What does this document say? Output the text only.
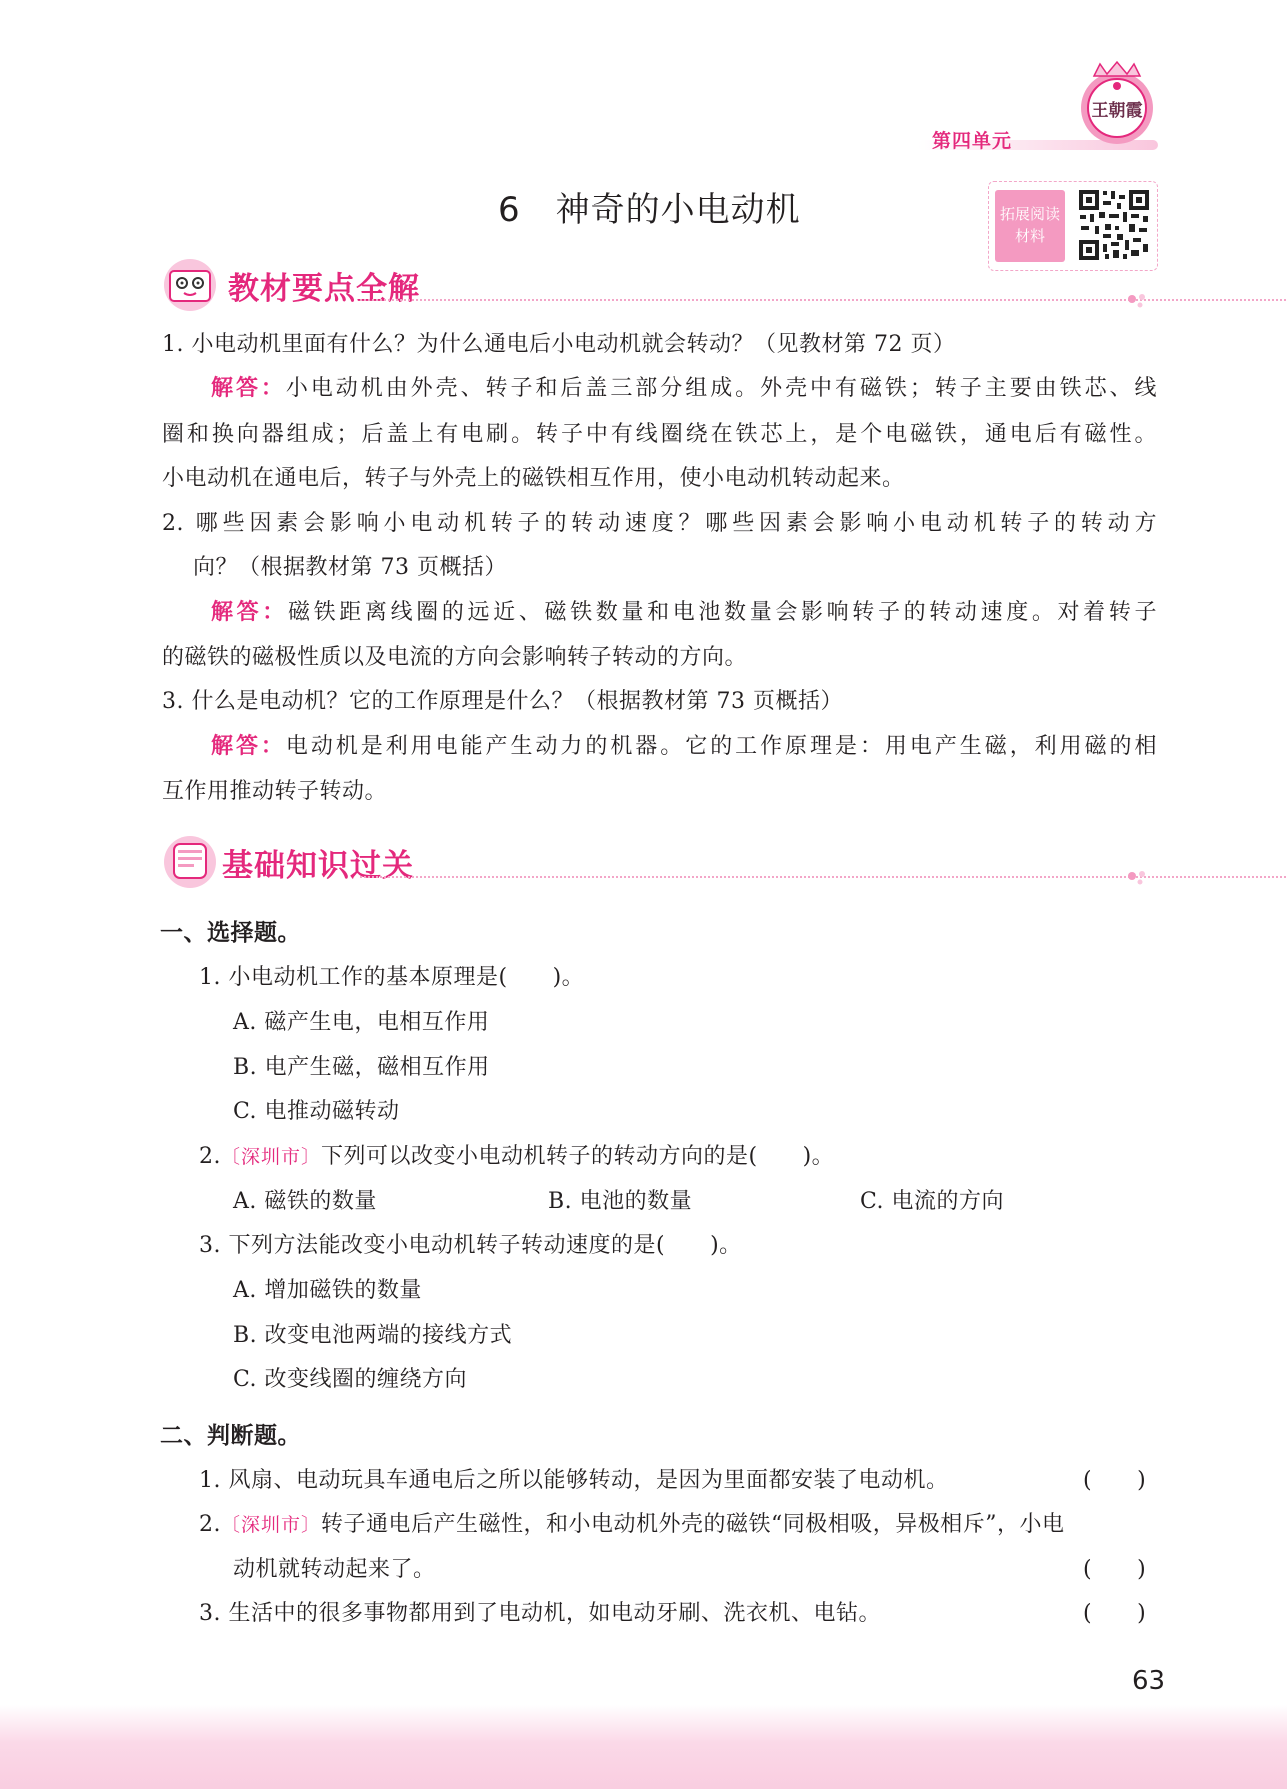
第四单元
王朝霞
6　神奇的小电动机	拓展阅读
材料
教材要点全解
1. 小电动机里面有什么？为什么通电后小电动机就会转动？（见教材第 72 页）
解答：小电动机由外壳、转子和后盖三部分组成。外壳中有磁铁；转子主要由铁芯、线
圈和换向器组成；后盖上有电刷。转子中有线圈绕在铁芯上，是个电磁铁，通电后有磁性。
小电动机在通电后，转子与外壳上的磁铁相互作用，使小电动机转动起来。
2. 哪些因素会影响小电动机转子的转动速度？哪些因素会影响小电动机转子的转动方
向？（根据教材第 73 页概括）
解答：磁铁距离线圈的远近、磁铁数量和电池数量会影响转子的转动速度。对着转子
的磁铁的磁极性质以及电流的方向会影响转子转动的方向。
3. 什么是电动机？它的工作原理是什么？（根据教材第 73 页概括）
解答：电动机是利用电能产生动力的机器。它的工作原理是：用电产生磁，利用磁的相
互作用推动转子转动。
基础知识过关
一、选择题。
1. 小电动机工作的基本原理是(　　)。
A. 磁产生电，电相互作用
B. 电产生磁，磁相互作用
C. 电推动磁转动
2.〔深圳市〕下列可以改变小电动机转子的转动方向的是(　　)。
A. 磁铁的数量	B. 电池的数量	C. 电流的方向
3. 下列方法能改变小电动机转子转动速度的是(　　)。
A. 增加磁铁的数量
B. 改变电池两端的接线方式
C. 改变线圈的缠绕方向
二、判断题。
1. 风扇、电动玩具车通电后之所以能够转动，是因为里面都安装了电动机。	(　　)
2.〔深圳市〕转子通电后产生磁性，和小电动机外壳的磁铁“同极相吸，异极相斥”，小电
动机就转动起来了。	(　　)
3. 生活中的很多事物都用到了电动机，如电动牙刷、洗衣机、电钻。	(　　)
63
